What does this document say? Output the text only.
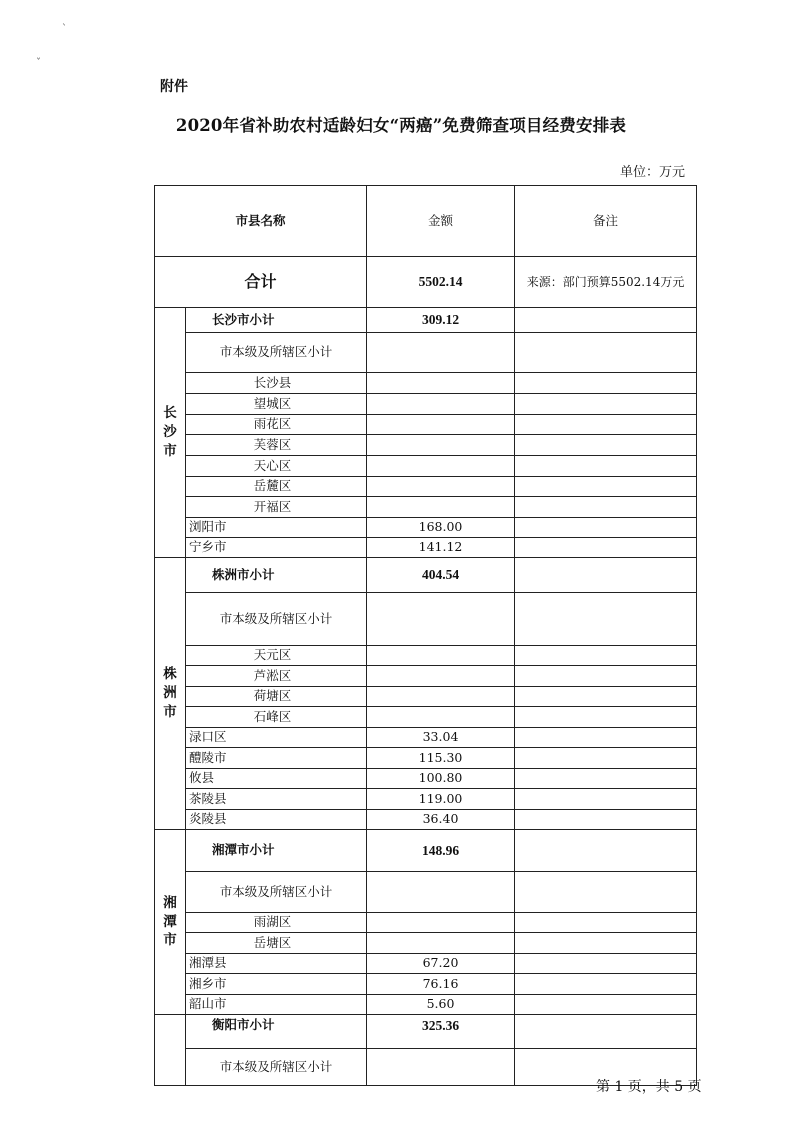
`
ˇ
附件
2020年省补助农村适龄妇女“两癌”免费筛查项目经费安排表
单位：万元
市县名称		金额	备注
合计		5502.14	来源：部门预算5502.14万元

长
沙
市	长沙市小计	309.12	
	市本级及所辖区小计		
	长沙县		
	望城区		
	雨花区		
	芙蓉区		
	天心区		
	岳麓区		
	开福区		
	浏阳市	168.00	
	宁乡市	141.12	

株
洲
市	株洲市小计	404.54	
	市本级及所辖区小计		
	天元区		
	芦淞区		
	荷塘区		
	石峰区		
	渌口区	33.04	
	醴陵市	115.30	
	攸县	100.80	
	茶陵县	119.00	
	炎陵县	36.40	

湘
潭
市	湘潭市小计	148.96	
	市本级及所辖区小计		
	雨湖区		
	岳塘区		
	湘潭县	67.20	
	湘乡市	76.16	
	韶山市	5.60	
	衡阳市小计	325.36	
	市本级及所辖区小计		
第 1 页，共 5 页
